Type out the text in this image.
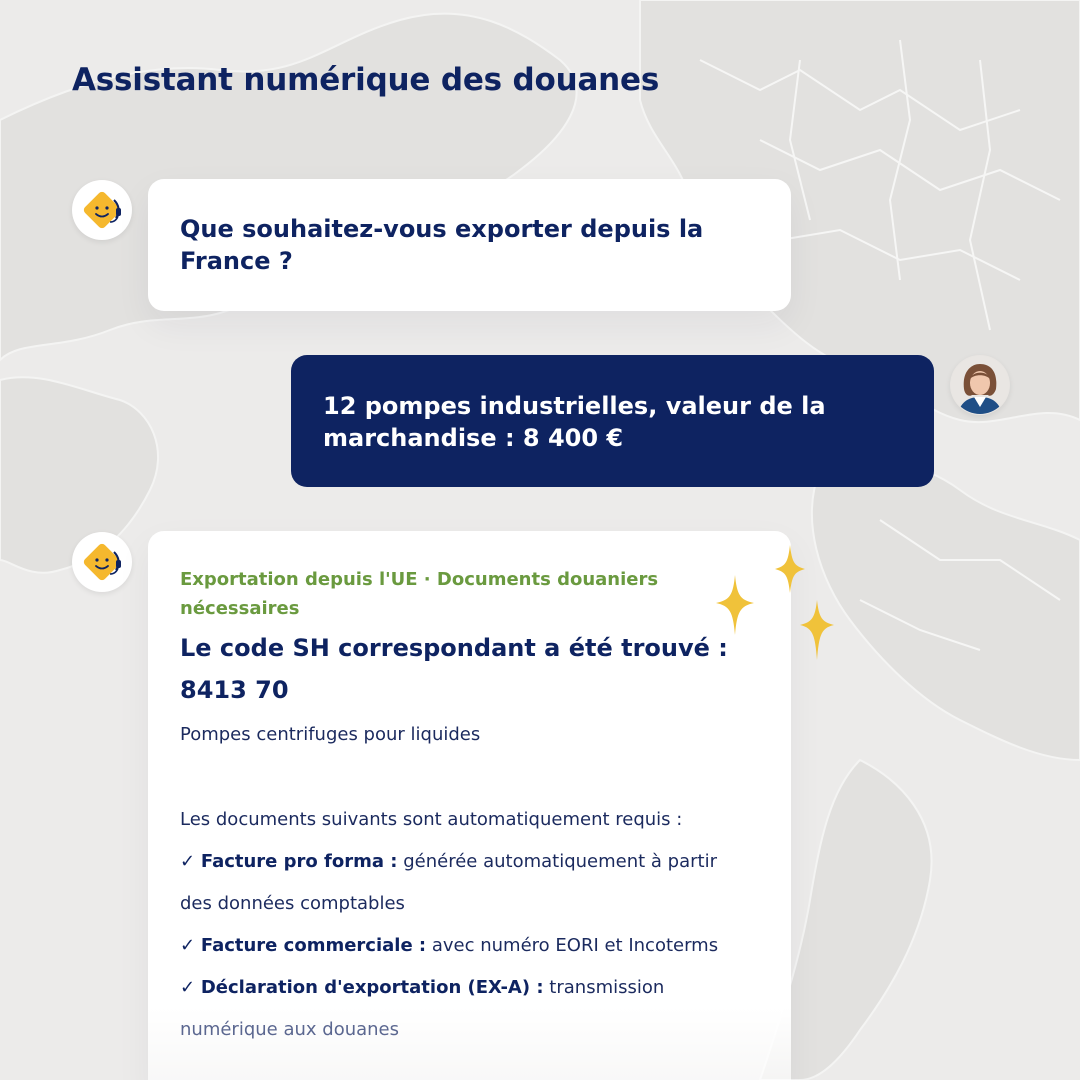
Assistant numérique des douanes

Que souhaitez-vous exporter depuis la France ?

12 pompes industrielles, valeur de la marchandise : 8 400 €

Exportation depuis l'UE · Documents douaniers nécessaires

Le code SH correspondant a été trouvé :
8413 70

Pompes centrifuges pour liquides

Les documents suivants sont automatiquement requis :

✓ Facture pro forma : générée automatiquement à partir
des données comptables

✓ Facture commerciale : avec numéro EORI et Incoterms

✓ Déclaration d'exportation (EX-A) : transmission
numérique aux douanes
